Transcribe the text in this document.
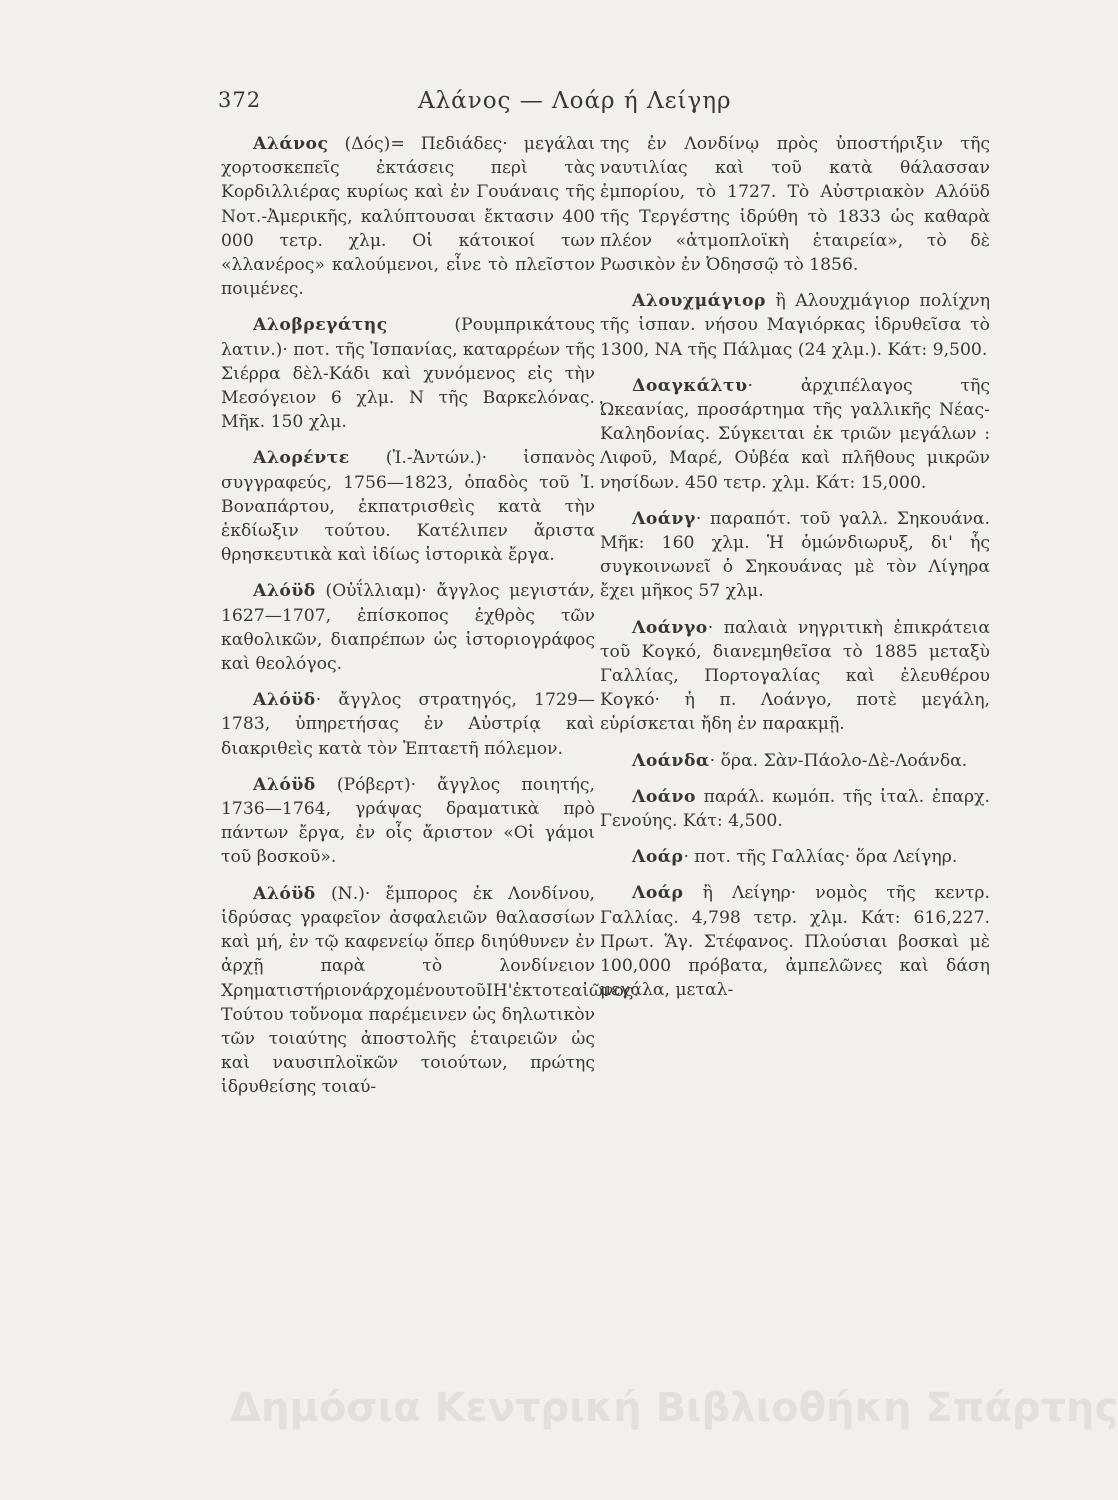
372	Αλάνος — Λοάρ ή Λείγηρ

Αλάνος (Δός)= Πεδιάδες· μεγάλαι χορτοσκεπεῖς ἐκτάσεις περὶ τὰς Κορδιλλιέρας κυρίως καὶ ἐν Γουάναις τῆς Νοτ.-Ἀμερικῆς, καλύπτουσαι ἔκτασιν 400 000 τετρ. χλμ. Οἱ κάτοικοί των «λλανέρος» καλούμενοι, εἶνε τὸ πλεῖστον ποιμένες.

Αλοβρεγάτης (Ρουμπρικάτους λατιν.)· ποτ. τῆς Ἱσπανίας, καταρρέων τῆς Σιέρρα δὲλ-Κάδι καὶ χυνόμενος εἰς τὴν Μεσόγειον 6 χλμ. Ν τῆς Βαρκελόνας. Μῆκ. 150 χλμ.

Αλορέντε (Ἰ.-Ἀντών.)· ἱσπανὸς συγγραφεύς, 1756—1823, ὀπαδὸς τοῦ Ἰ. Βοναπάρτου, ἐκπατρισθεὶς κατὰ τὴν ἐκδίωξιν τούτου. Κατέλιπεν ἄριστα θρησκευτικὰ καὶ ἰδίως ἱστορικὰ ἔργα.

Αλόϋδ (Οὐΐλλιαμ)· ἄγγλος μεγιστάν, 1627—1707, ἐπίσκοπος ἐχθρὸς τῶν καθολικῶν, διαπρέπων ὡς ἱστοριογράφος καὶ θεολόγος.

Αλόϋδ· ἄγγλος στρατηγός, 1729—1783, ὑπηρετήσας ἐν Αὐστρίᾳ καὶ διακριθεὶς κατὰ τὸν Ἑπταετῆ πόλεμον.

Αλόϋδ (Ρόβερτ)· ἄγγλος ποιητής, 1736—1764, γράψας δραματικὰ πρὸ πάντων ἔργα, ἐν οἷς ἄριστον «Οἱ γάμοι τοῦ βοσκοῦ».

Αλόϋδ (Ν.)· ἔμπορος ἐκ Λονδίνου, ἱδρύσας γραφεῖον ἀσφαλειῶν θαλασσίων καὶ μή, ἐν τῷ καφενείῳ ὅπερ διηύθυνεν ἐν ἀρχῇ παρὰ τὸ λονδίνειον ΧρηματιστήριονάρχομένουτοῦΙΗ'ἐκτοτεαἰῶνος. Τούτου τοὔνομα παρέμεινεν ὡς δηλωτικὸν τῶν τοιαύτης ἀποστολῆς ἑταιρειῶν ὡς καὶ ναυσιπλοϊκῶν τοιούτων, πρώτης ἱδρυθείσης τοιαύ-

της ἐν Λονδίνῳ πρὸς ὑποστήριξιν τῆς ναυτιλίας καὶ τοῦ κατὰ θάλασσαν ἐμπορίου, τὸ 1727. Τὸ Αὐστριακὸν Αλόϋδ τῆς Τεργέστης ἱδρύθη τὸ 1833 ὡς καθαρὰ πλέον «ἀτμοπλοϊκὴ ἑταιρεία», τὸ δὲ Ρωσικὸν ἐν Ὀδησσῷ τὸ 1856.

Αλουχμάγιορ ἢ Αλουχμάγιορ πολίχνη τῆς ἱσπαν. νήσου Μαγιόρκας ἱδρυθεῖσα τὸ 1300, ΝΑ τῆς Πάλμας (24 χλμ.). Κάτ: 9,500.

Δοαγκάλτυ· ἀρχιπέλαγος τῆς Ὠκεανίας, προσάρτημα τῆς γαλλικῆς Νέας-Καληδονίας. Σύγκειται ἐκ τριῶν μεγάλων : Λιφοῦ, Μαρέ, Οὐβέα καὶ πλῆθους μικρῶν νησίδων. 450 τετρ. χλμ. Κάτ: 15,000.

Λοάνγ· παραπότ. τοῦ γαλλ. Σηκουάνα. Μῆκ: 160 χλμ. Ἡ ὁμώνδιωρυξ, δι' ἧς συγκοινωνεῖ ὁ Σηκουάνας μὲ τὸν Λίγηρα ἔχει μῆκος 57 χλμ.

Λοάνγο· παλαιὰ νηγριτικὴ ἐπικράτεια τοῦ Κογκό, διανεμηθεῖσα τὸ 1885 μεταξὺ Γαλλίας, Πορτογαλίας καὶ ἐλευθέρου Κογκό· ἡ π. Λοάνγο, ποτὲ μεγάλη, εὑρίσκεται ἤδη ἐν παρακμῇ.

Λοάνδα· ὅρα. Σὰν-Πάολο-Δὲ-Λοάνδα.

Λοάνο παράλ. κωμόπ. τῆς ἰταλ. ἐπαρχ. Γενούης. Κάτ: 4,500.

Λοάρ· ποτ. τῆς Γαλλίας· ὅρα Λείγηρ.

Λοάρ ἢ Λείγηρ· νομὸς τῆς κεντρ. Γαλλίας. 4,798 τετρ. χλμ. Κάτ: 616,227. Πρωτ. Ἅγ. Στέφανος. Πλούσιαι βοσκαὶ μὲ 100,000 πρόβατα, ἀμπελῶνες καὶ δάση μεγάλα, μεταλ-

Δημόσια Κεντρική Βιβλιοθήκη Σπάρτης
